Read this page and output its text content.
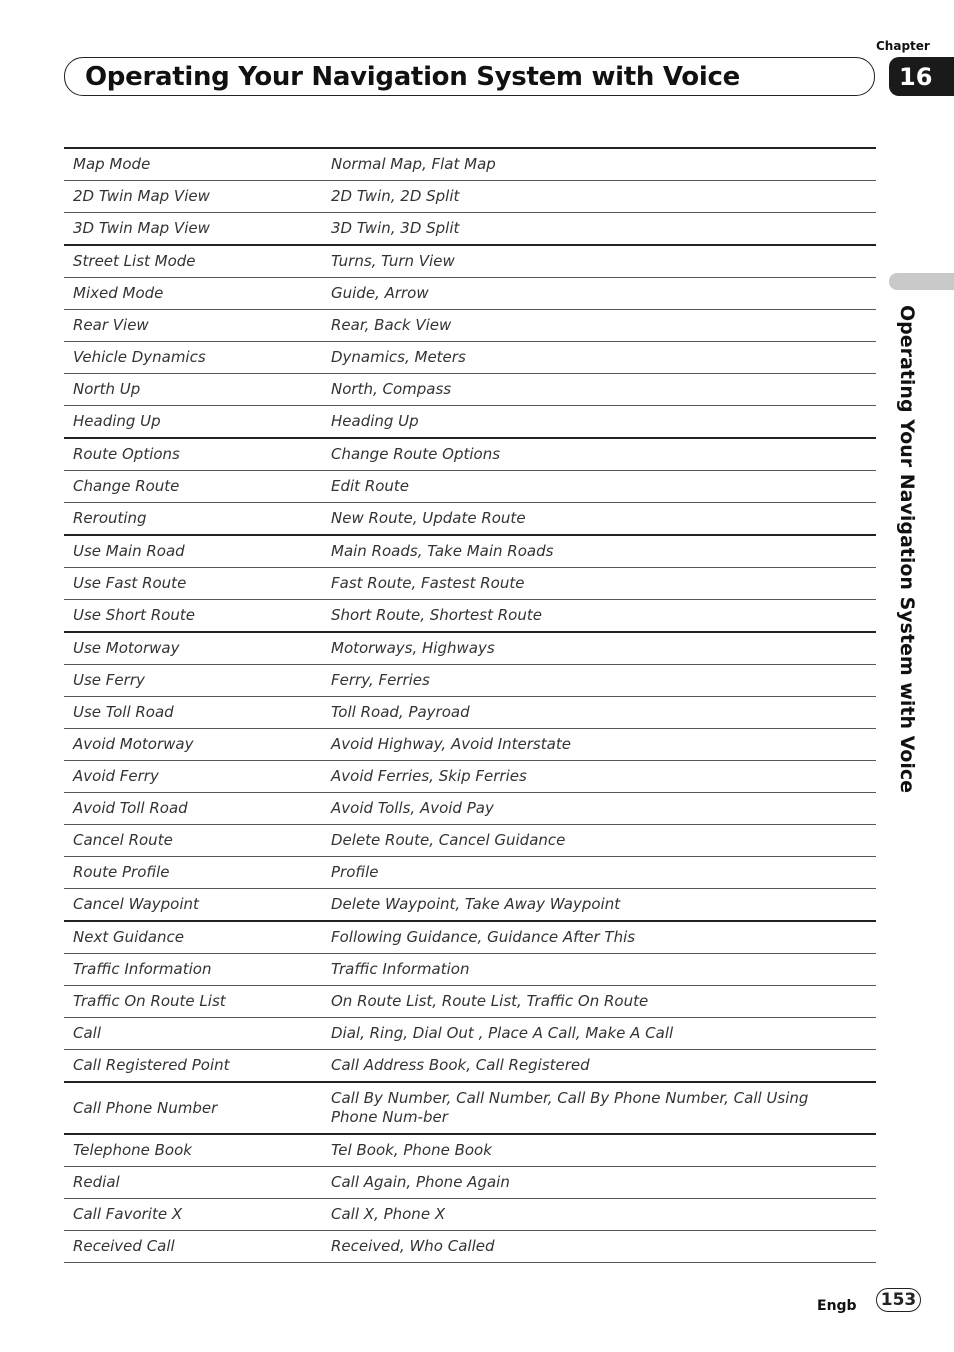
Chapter
Operating Your Navigation System with Voice	16
Operating Your Navigation System with Voice
Map Mode	Normal Map, Flat Map
2D Twin Map View	2D Twin, 2D Split
3D Twin Map View	3D Twin, 3D Split
Street List Mode	Turns, Turn View
Mixed Mode	Guide, Arrow
Rear View	Rear, Back View
Vehicle Dynamics	Dynamics, Meters
North Up	North, Compass
Heading Up	Heading Up
Route Options	Change Route Options
Change Route	Edit Route
Rerouting	New Route, Update Route
Use Main Road	Main Roads, Take Main Roads
Use Fast Route	Fast Route, Fastest Route
Use Short Route	Short Route, Shortest Route
Use Motorway	Motorways, Highways
Use Ferry	Ferry, Ferries
Use Toll Road	Toll Road, Payroad
Avoid Motorway	Avoid Highway, Avoid Interstate
Avoid Ferry	Avoid Ferries, Skip Ferries
Avoid Toll Road	Avoid Tolls, Avoid Pay
Cancel Route	Delete Route, Cancel Guidance
Route Profile	Profile
Cancel Waypoint	Delete Waypoint, Take Away Waypoint
Next Guidance	Following Guidance, Guidance After This
Traffic Information	Traffic Information
Traffic On Route List	On Route List, Route List, Traffic On Route
Call	Dial, Ring, Dial Out , Place A Call, Make A Call
Call Registered Point	Call Address Book, Call Registered
Call Phone Number	Call By Number, Call Number, Call By Phone Number, Call Using Phone Num-ber
Telephone Book	Tel Book, Phone Book
Redial	Call Again, Phone Again
Call Favorite X	Call X, Phone X
Received Call	Received, Who Called
Engb 153
